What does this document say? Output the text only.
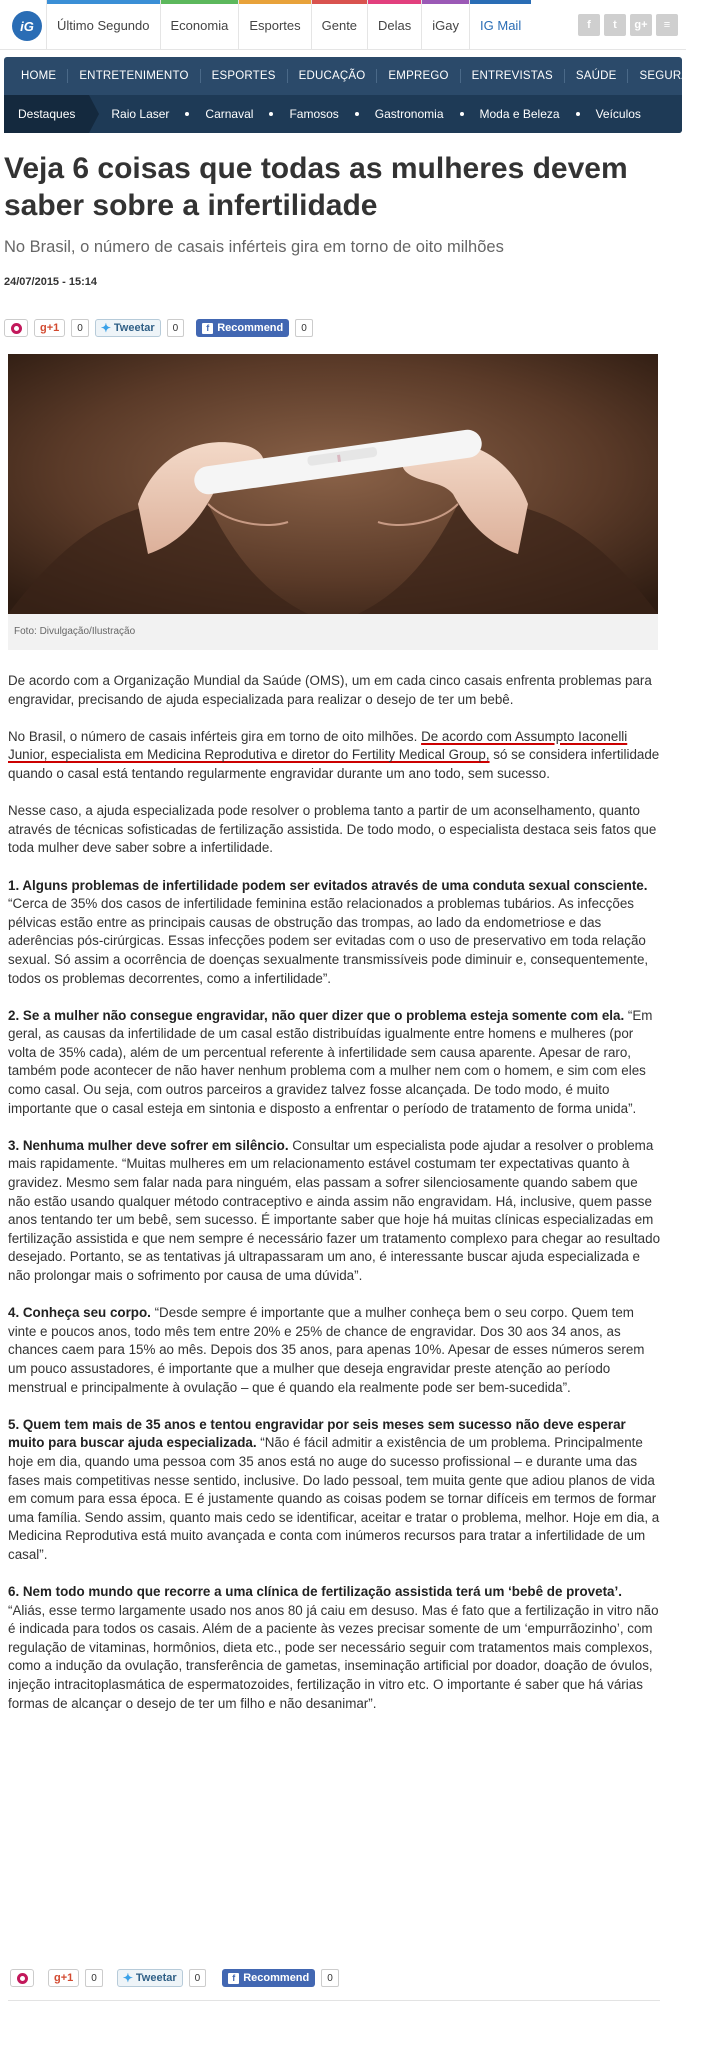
iG	Último Segundo	Economia	Esportes	Gente	Delas	iGay	IG Mail	f	t	g+	≡
HOME	ENTRETENIMENTO	ESPORTES	EDUCAÇÃO	EMPREGO	ENTREVISTAS	SAÚDE	SEGURANÇA
Destaques	Raio Laser	Carnaval	Famosos	Gastronomia	Moda e Beleza	Veículos
Veja 6 coisas que todas as mulheres devem saber sobre a infertilidade
No Brasil, o número de casais inférteis gira em torno de oito milhões
24/07/2015 - 15:14
g +1	0	✦ Tweetar	0	f Recommend	0
Foto: Divulgação/Ilustração

De acordo com a Organização Mundial da Saúde (OMS), um em cada cinco casais enfrenta problemas para engravidar, precisando de ajuda especializada para realizar o desejo de ter um bebê.

No Brasil, o número de casais inférteis gira em torno de oito milhões. De acordo com Assumpto Iaconelli Junior, especialista em Medicina Reprodutiva e diretor do Fertility Medical Group, só se considera infertilidade quando o casal está tentando regularmente engravidar durante um ano todo, sem sucesso.

Nesse caso, a ajuda especializada pode resolver o problema tanto a partir de um aconselhamento, quanto através de técnicas sofisticadas de fertilização assistida. De todo modo, o especialista destaca seis fatos que toda mulher deve saber sobre a infertilidade.

1. Alguns problemas de infertilidade podem ser evitados através de uma conduta sexual consciente. “Cerca de 35% dos casos de infertilidade feminina estão relacionados a problemas tubários. As infecções pélvicas estão entre as principais causas de obstrução das trompas, ao lado da endometriose e das aderências pós-cirúrgicas. Essas infecções podem ser evitadas com o uso de preservativo em toda relação sexual. Só assim a ocorrência de doenças sexualmente transmissíveis pode diminuir e, consequentemente, todos os problemas decorrentes, como a infertilidade”.

2. Se a mulher não consegue engravidar, não quer dizer que o problema esteja somente com ela. “Em geral, as causas da infertilidade de um casal estão distribuídas igualmente entre homens e mulheres (por volta de 35% cada), além de um percentual referente à infertilidade sem causa aparente. Apesar de raro, também pode acontecer de não haver nenhum problema com a mulher nem com o homem, e sim com eles como casal. Ou seja, com outros parceiros a gravidez talvez fosse alcançada. De todo modo, é muito importante que o casal esteja em sintonia e disposto a enfrentar o período de tratamento de forma unida”.

3. Nenhuma mulher deve sofrer em silêncio. Consultar um especialista pode ajudar a resolver o problema mais rapidamente. “Muitas mulheres em um relacionamento estável costumam ter expectativas quanto à gravidez. Mesmo sem falar nada para ninguém, elas passam a sofrer silenciosamente quando sabem que não estão usando qualquer método contraceptivo e ainda assim não engravidam. Há, inclusive, quem passe anos tentando ter um bebê, sem sucesso. É importante saber que hoje há muitas clínicas especializadas em fertilização assistida e que nem sempre é necessário fazer um tratamento complexo para chegar ao resultado desejado. Portanto, se as tentativas já ultrapassaram um ano, é interessante buscar ajuda especializada e não prolongar mais o sofrimento por causa de uma dúvida”.

4. Conheça seu corpo. “Desde sempre é importante que a mulher conheça bem o seu corpo. Quem tem vinte e poucos anos, todo mês tem entre 20% e 25% de chance de engravidar. Dos 30 aos 34 anos, as chances caem para 15% ao mês. Depois dos 35 anos, para apenas 10%. Apesar de esses números serem um pouco assustadores, é importante que a mulher que deseja engravidar preste atenção ao período menstrual e principalmente à ovulação – que é quando ela realmente pode ser bem-sucedida”.

5. Quem tem mais de 35 anos e tentou engravidar por seis meses sem sucesso não deve esperar muito para buscar ajuda especializada. “Não é fácil admitir a existência de um problema. Principalmente hoje em dia, quando uma pessoa com 35 anos está no auge do sucesso profissional – e durante uma das fases mais competitivas nesse sentido, inclusive. Do lado pessoal, tem muita gente que adiou planos de vida em comum para essa época. E é justamente quando as coisas podem se tornar difíceis em termos de formar uma família. Sendo assim, quanto mais cedo se identificar, aceitar e tratar o problema, melhor. Hoje em dia, a Medicina Reprodutiva está muito avançada e conta com inúmeros recursos para tratar a infertilidade de um casal”.

6. Nem todo mundo que recorre a uma clínica de fertilização assistida terá um ‘bebê de proveta’. “Aliás, esse termo largamente usado nos anos 80 já caiu em desuso. Mas é fato que a fertilização in vitro não é indicada para todos os casais. Além de a paciente às vezes precisar somente de um ‘empurrãozinho’, com regulação de vitaminas, hormônios, dieta etc., pode ser necessário seguir com tratamentos mais complexos, como a indução da ovulação, transferência de gametas, inseminação artificial por doador, doação de óvulos, injeção intracitoplasmática de espermatozoides, fertilização in vitro etc. O importante é saber que há várias formas de alcançar o desejo de ter um filho e não desanimar”.

g +1	0	✦ Tweetar	0	f Recommend	0
